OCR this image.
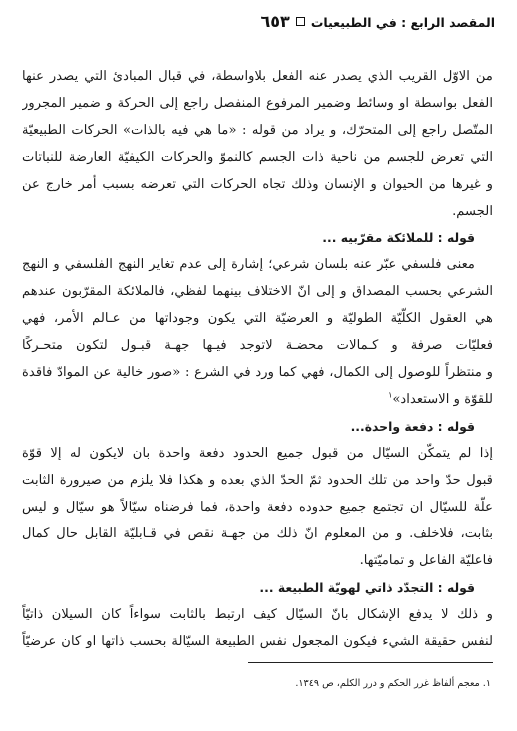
المقصد الرابع : في الطبيعيات
٦٥٣
من الاوّل القريب الذي يصدر عنه الفعل بلاواسطة، في قبال المبادئ التي يصدر عنها
الفعل بواسطة او وسائط وضمير المرفوع المنفصل راجع إلى الحركة و ضمير المجرور
المتّصل راجع إلى المتحرّك، و يراد من قوله : «ما هي فيه بالذات» الحركات الطبيعيّة
التي تعرض للجسم من ناحية ذات الجسم كالنموّ والحركات الكيفيّة العارضة للنباتات
و غيرها من الحيوان و الإنسان وذلك تجاه الحركات التي تعرضه بسبب أمر خارج عن
الجسم.
قوله : للملائكة مقرّبيه ...
معنى فلسفي عبّر عنه بلسان شرعي؛ إشارة إلى عدم تغاير النهج الفلسفي و النهج
الشرعي بحسب المصداق و إلى انّ الاختلاف بينهما لفظي، فالملائكة المقرّبون عندهم
هي العقول الكلّيّة الطوليّة و العرضيّة التي يكون وجوداتها من عـالم الأمر، فهي
فعليّات صرفة و كـمالات محضـة لاتوجد فيـها جهـة قبـول لتكون متحـركًا
و منتظراً للوصول إلى الكمال، فهي كما ورد في الشرع : «صور خالية عن الموادّ فاقدة
للقوّة و الاستعداد»$^١$
قوله : دفعة واحدة...
إذا لم يتمكّن السيّال من قبول جميع الحدود دفعة واحدة بان لايكون له إلا قوّة
قبول حدّ واحد من تلك الحدود ثمّ الحدّ الذي بعده و هكذا فلا يلزم من صيرورة الثابت
علّة للسيّال ان تجتمع جميع حدوده دفعة واحدة، فما فرضناه سيّالاً هو سيّال و ليس
بثابت، فلاخلف. و من المعلوم انّ ذلك من جهـة نقص في قـابليّة القابل حال كمال
فاعليّة الفاعل و تماميّتها.
قوله : التجدّد ذاتي لهويّة الطبيعة ...
و ذلك لا يدفع الإشكال بانّ السيّال كيف ارتبط بالثابت سواءاً كان السيلان ذاتيّاً
لنفس حقيقة الشيء فيكون المجعول نفس الطبيعة السيّالة بحسب ذاتها او كان عرضيّاً
١. معجم ألفاظ غرر الحكم و درر الكلم، ص ١٣٤٩.
